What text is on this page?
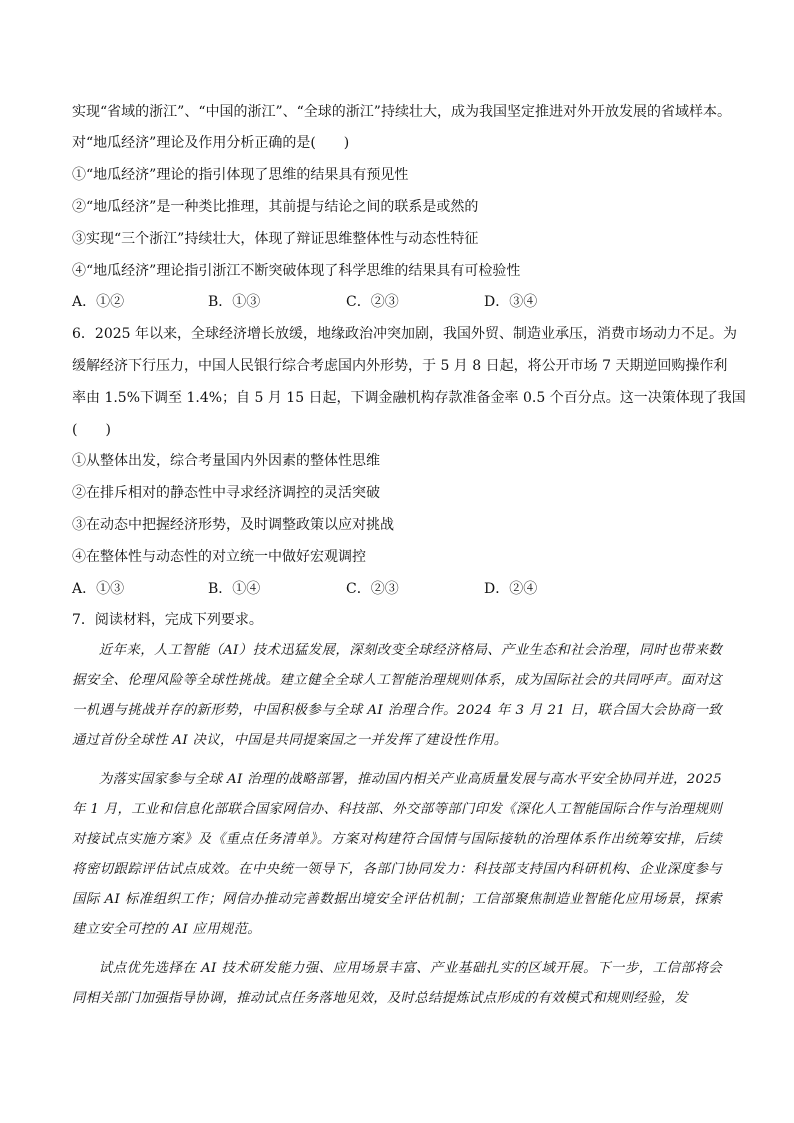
实现“省域的浙江”、“中国的浙江”、“全球的浙江”持续壮大，成为我国坚定推进对外开放发展的省域样本。
对“地瓜经济”理论及作用分析正确的是(　　)
①“地瓜经济”理论的指引体现了思维的结果具有预见性
②“地瓜经济”是一种类比推理，其前提与结论之间的联系是或然的
③实现“三个浙江”持续壮大，体现了辩证思维整体性与动态性特征
④“地瓜经济”理论指引浙江不断突破体现了科学思维的结果具有可检验性
A．①②	B．①③	C．②③	D．③④
6．2025 年以来，全球经济增长放缓，地缘政治冲突加剧，我国外贸、制造业承压，消费市场动力不足。为
缓解经济下行压力，中国人民银行综合考虑国内外形势，于 5 月 8 日起，将公开市场 7 天期逆回购操作利
率由 1.5%下调至 1.4%；自 5 月 15 日起，下调金融机构存款准备金率 0.5 个百分点。这一决策体现了我国
(　　)
①从整体出发，综合考量国内外因素的整体性思维
②在排斥相对的静态性中寻求经济调控的灵活突破
③在动态中把握经济形势，及时调整政策以应对挑战
④在整体性与动态性的对立统一中做好宏观调控
A．①③	B．①④	C．②③	D．②④
7．阅读材料，完成下列要求。
近年来，人工智能（AI）技术迅猛发展，深刻改变全球经济格局、产业生态和社会治理，同时也带来数据安全、伦理风险等全球性挑战。建立健全全球人工智能治理规则体系，成为国际社会的共同呼声。面对这一机遇与挑战并存的新形势，中国积极参与全球 AI 治理合作。2024 年 3 月 21 日，联合国大会协商一致通过首份全球性 AI 决议，中国是共同提案国之一并发挥了建设性作用。
为落实国家参与全球 AI 治理的战略部署，推动国内相关产业高质量发展与高水平安全协同并进，2025 年 1 月，工业和信息化部联合国家网信办、科技部、外交部等部门印发《深化人工智能国际合作与治理规则对接试点实施方案》及《重点任务清单》。方案对构建符合国情与国际接轨的治理体系作出统筹安排，后续将密切跟踪评估试点成效。在中央统一领导下，各部门协同发力：科技部支持国内科研机构、企业深度参与国际 AI 标准组织工作；网信办推动完善数据出境安全评估机制；工信部聚焦制造业智能化应用场景，探索建立安全可控的 AI 应用规范。
试点优先选择在 AI 技术研发能力强、应用场景丰富、产业基础扎实的区域开展。下一步，工信部将会同相关部门加强指导协调，推动试点任务落地见效，及时总结提炼试点形成的有效模式和规则经验，发
